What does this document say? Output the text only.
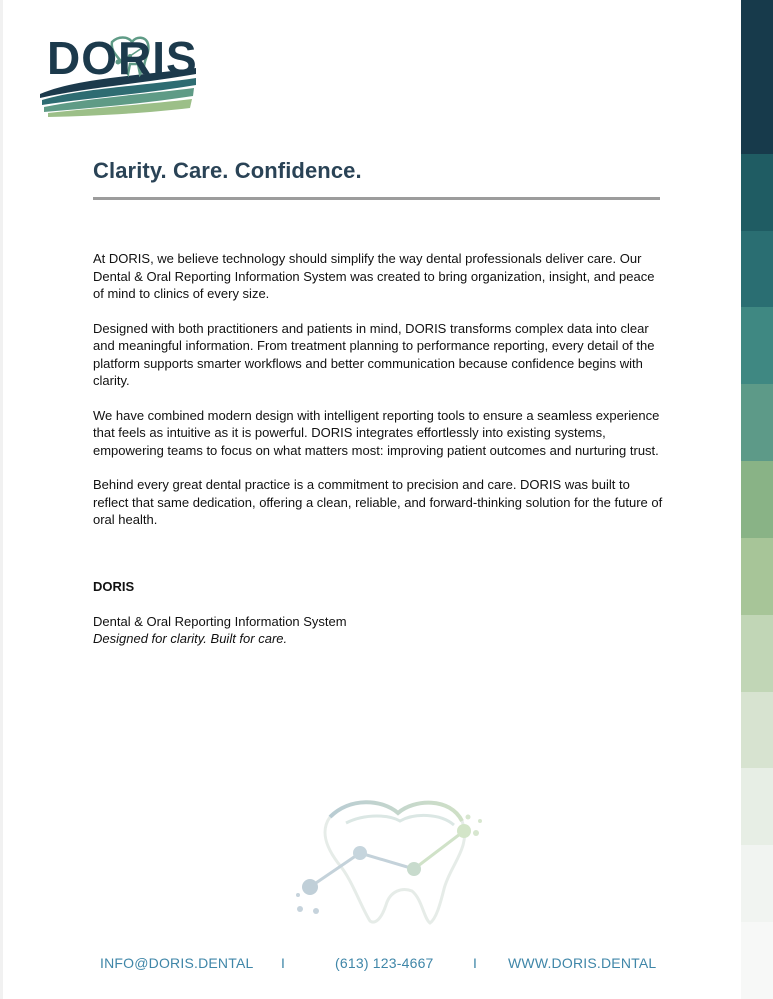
DORIS
Clarity. Care. Confidence.

At DORIS, we believe technology should simplify the way dental professionals deliver care. Our Dental & Oral Reporting Information System was created to bring organization, insight, and peace of mind to clinics of every size.

Designed with both practitioners and patients in mind, DORIS transforms complex data into clear and meaningful information. From treatment planning to performance reporting, every detail of the platform supports smarter workflows and better communication because confidence begins with clarity.

We have combined modern design with intelligent reporting tools to ensure a seamless experience that feels as intuitive as it is powerful. DORIS integrates effortlessly into existing systems, empowering teams to focus on what matters most: improving patient outcomes and nurturing trust.

Behind every great dental practice is a commitment to precision and care. DORIS was built to reflect that same dedication, offering a clean, reliable, and forward-thinking solution for the future of oral health.

DORIS
Dental & Oral Reporting Information System
Designed for clarity. Built for care.
INFO@DORIS.DENTAL I	(613) 123-4667	I WWW.DORIS.DENTAL
